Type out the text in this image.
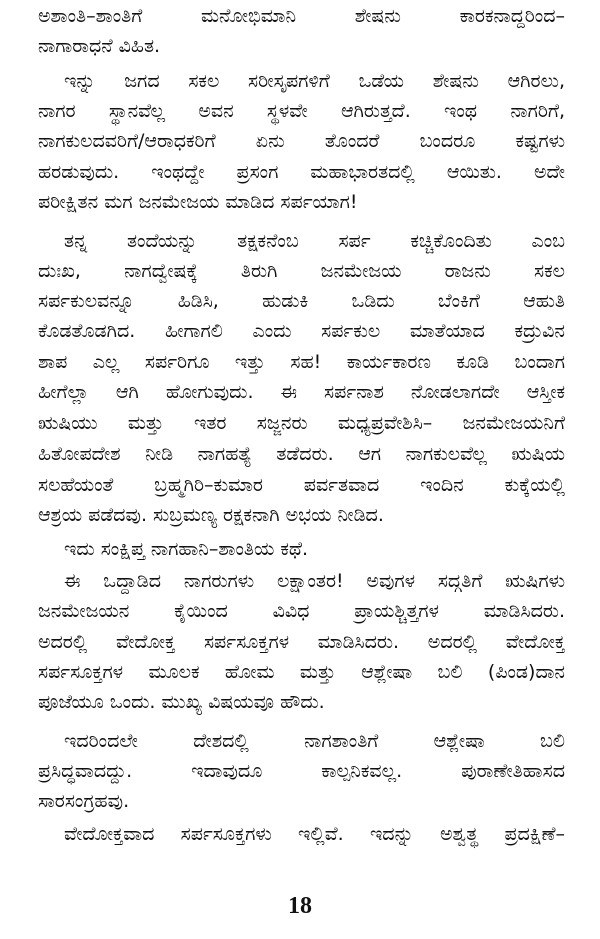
ಅಶಾಂತಿ–ಶಾಂತಿಗೆ ಮನೋಭಿಮಾನಿ ಶೇಷನು ಕಾರಕನಾದ್ದರಿಂದ–
ನಾಗಾರಾಧನೆ ವಿಹಿತ.
ಇನ್ನು ಜಗದ ಸಕಲ ಸರೀಸೃಪಗಳಿಗೆ ಒಡೆಯ ಶೇಷನು ಆಗಿರಲು,
ನಾಗರ ಸ್ಥಾನವೆಲ್ಲ ಅವನ ಸ್ಥಳವೇ ಆಗಿರುತ್ತದೆ. ಇಂಥ ನಾಗರಿಗೆ,
ನಾಗಕುಲದವರಿಗೆ/ಆರಾಧಕರಿಗೆ ಏನು ತೊಂದರೆ ಬಂದರೂ ಕಷ್ಟಗಳು
ಹರಡುವುದು. ಇಂಥದ್ದೇ ಪ್ರಸಂಗ ಮಹಾಭಾರತದಲ್ಲಿ ಆಯಿತು. ಅದೇ
ಪರೀಕ್ಷಿತನ ಮಗ ಜನಮೇಜಯ ಮಾಡಿದ ಸರ್ಪಯಾಗ!
ತನ್ನ ತಂದೆಯನ್ನು ತಕ್ಷಕನೆಂಬ ಸರ್ಪ ಕಚ್ಚಿಕೊಂದಿತು ಎಂಬ
ದುಃಖ, ನಾಗದ್ವೇಷಕ್ಕೆ ತಿರುಗಿ ಜನಮೇಜಯ ರಾಜನು ಸಕಲ
ಸರ್ಪಕುಲವನ್ನೂ ಹಿಡಿಸಿ, ಹುಡುಕಿ ಒಡಿದು ಬೆಂಕಿಗೆ ಆಹುತಿ
ಕೊಡತೊಡಗಿದ. ಹೀಗಾಗಲಿ ಎಂದು ಸರ್ಪಕುಲ ಮಾತೆಯಾದ ಕದ್ರುವಿನ
ಶಾಪ ಎಲ್ಲ ಸರ್ಪರಿಗೂ ಇತ್ತು ಸಹ! ಕಾರ್ಯಕಾರಣ ಕೂಡಿ ಬಂದಾಗ
ಹೀಗೆಲ್ಲಾ ಆಗಿ ಹೋಗುವುದು. ಈ ಸರ್ಪನಾಶ ನೋಡಲಾಗದೇ ಆಸ್ತೀಕ
ಋಷಿಯು ಮತ್ತು ಇತರ ಸಜ್ಜನರು ಮಧ್ಯಪ್ರವೇಶಿಸಿ– ಜನಮೇಜಯನಿಗೆ
ಹಿತೋಪದೇಶ ನೀಡಿ ನಾಗಹತ್ಯೆ ತಡೆದರು. ಆಗ ನಾಗಕುಲವೆಲ್ಲ ಋಷಿಯ
ಸಲಹೆಯಂತೆ ಬ್ರಹ್ಮಗಿರಿ–ಕುಮಾರ ಪರ್ವತವಾದ ಇಂದಿನ ಕುಕ್ಕೆಯಲ್ಲಿ
ಆಶ್ರಯ ಪಡೆದವು. ಸುಬ್ರಮಣ್ಯ ರಕ್ಷಕನಾಗಿ ಅಭಯ ನೀಡಿದ.
ಇದು ಸಂಕ್ಷಿಪ್ತ ನಾಗಹಾನಿ–ಶಾಂತಿಯ ಕಥೆ.
ಈ ಒದ್ದಾಡಿದ ನಾಗರುಗಳು ಲಕ್ಷಾಂತರ! ಅವುಗಳ ಸದ್ಗತಿಗೆ ಋಷಿಗಳು
ಜನಮೇಜಯನ ಕೈಯಿಂದ ವಿವಿಧ ಪ್ರಾಯಶ್ಚಿತ್ತಗಳ ಮಾಡಿಸಿದರು.
ಅದರಲ್ಲಿ ವೇದೋಕ್ತ ಸರ್ಪಸೂಕ್ತಗಳ ಮಾಡಿಸಿದರು. ಅದರಲ್ಲಿ ವೇದೋಕ್ತ
ಸರ್ಪಸೂಕ್ತಗಳ ಮೂಲಕ ಹೋಮ ಮತ್ತು ಆಶ್ಲೇಷಾ ಬಲಿ (ಪಿಂಡ)ದಾನ
ಪೂಜೆಯೂ ಒಂದು. ಮುಖ್ಯ ವಿಷಯವೂ ಹೌದು.
ಇದರಿಂದಲೇ ದೇಶದಲ್ಲಿ ನಾಗಶಾಂತಿಗೆ ಆಶ್ಲೇಷಾ ಬಲಿ
ಪ್ರಸಿದ್ಧವಾದದ್ದು. ಇದಾವುದೂ ಕಾಲ್ಪನಿಕವಲ್ಲ. ಪುರಾಣೇತಿಹಾಸದ
ಸಾರಸಂಗ್ರಹವು.
ವೇದೋಕ್ತವಾದ ಸರ್ಪಸೂಕ್ತಗಳು ಇಲ್ಲಿವೆ. ಇದನ್ನು ಅಶ್ವತ್ಥ ಪ್ರದಕ್ಷಿಣೆ–
18
